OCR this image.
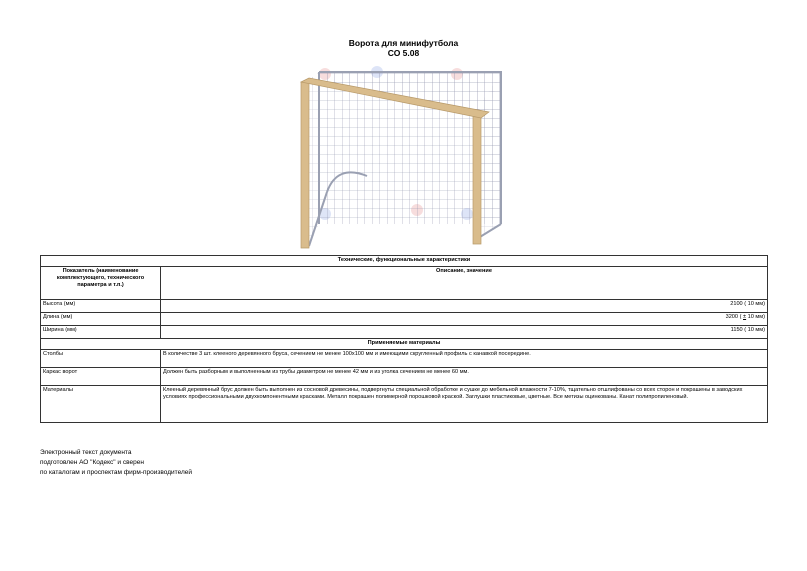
Ворота для минифутбола
СО 5.08
Технические, функциональные характеристики	
Показатель (наименование комплектующего, технического параметра и т.п.)	Описание, значение
Высота (мм)	2100 ( 10 мм)
Длина (мм)	3200 ( ± 10 мм)
Ширина (мм)	1150 ( 10 мм)
Применяемые материалы	
Столбы	В количестве 3 шт. клееного деревянного бруса, сечением не менее 100х100 мм и имеющими скругленный профиль с канавкой посередине.
Каркас ворот	Должен быть разборным и выполненным из трубы диаметром не менее 42 мм и из уголка сечением не менее 60 мм.
Материалы	Клееный деревянный брус должен быть выполнен из сосновой древесины, подвергнуты специальной обработке и сушке до мебельной влажности 7-10%, тщательно отшлифованы со всех сторон и покрашены в заводских условиях профессиональными двухкомпонентными красками. Металл покрашен полимерной порошковой краской. Заглушки пластиковые, цветные. Все метизы оцинкованы. Канат полипропиленовый.
Электронный текст документа
подготовлен АО "Кодекс" и сверен
по каталогам и проспектам фирм-производителей
